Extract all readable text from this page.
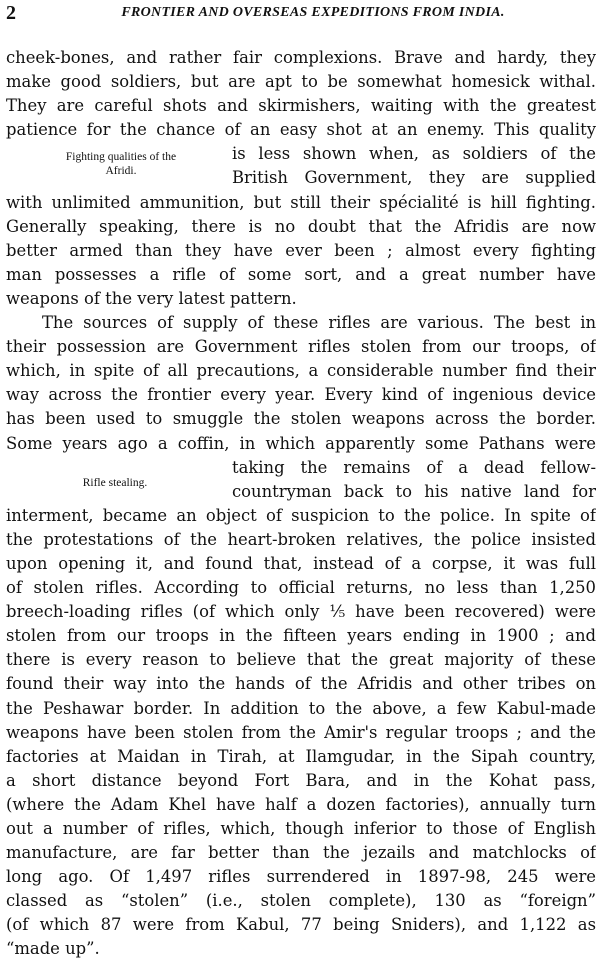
2	FRONTIER AND OVERSEAS EXPEDITIONS FROM INDIA.
Fighting qualities of the
Afridi.
Rifle stealing.
cheek-bones, and rather fair complexions. Brave and hardy, they
make good soldiers, but are apt to be somewhat homesick withal.
They are careful shots and skirmishers, waiting with the greatest
patience for the chance of an easy shot at an enemy. This quality
is less shown when, as soldiers of the
British Government, they are supplied
with unlimited ammunition, but still their spécialité is hill fighting.
Generally speaking, there is no doubt that the Afridis are now
better armed than they have ever been ; almost every fighting
man possesses a rifle of some sort, and a great number have
weapons of the very latest pattern.
The sources of supply of these rifles are various. The best in
their possession are Government rifles stolen from our troops, of
which, in spite of all precautions, a considerable number find their
way across the frontier every year. Every kind of ingenious device
has been used to smuggle the stolen weapons across the border.
Some years ago a coffin, in which apparently some Pathans were
taking the remains of a dead fellow-
countryman back to his native land for
interment, became an object of suspicion to the police. In spite of
the protestations of the heart-broken relatives, the police insisted
upon opening it, and found that, instead of a corpse, it was full
of stolen rifles. According to official returns, no less than 1,250
breech-loading rifles (of which only ⅕ have been recovered) were
stolen from our troops in the fifteen years ending in 1900 ; and
there is every reason to believe that the great majority of these
found their way into the hands of the Afridis and other tribes on
the Peshawar border. In addition to the above, a few Kabul-made
weapons have been stolen from the Amir's regular troops ; and the
factories at Maidan in Tirah, at Ilamgudar, in the Sipah country,
a short distance beyond Fort Bara, and in the Kohat pass,
(where the Adam Khel have half a dozen factories), annually turn
out a number of rifles, which, though inferior to those of English
manufacture, are far better than the jezails and matchlocks of
long ago. Of 1,497 rifles surrendered in 1897-98, 245 were
classed as “stolen” (i.e., stolen complete), 130 as “foreign”
(of which 87 were from Kabul, 77 being Sniders), and 1,122 as
“made up”.
